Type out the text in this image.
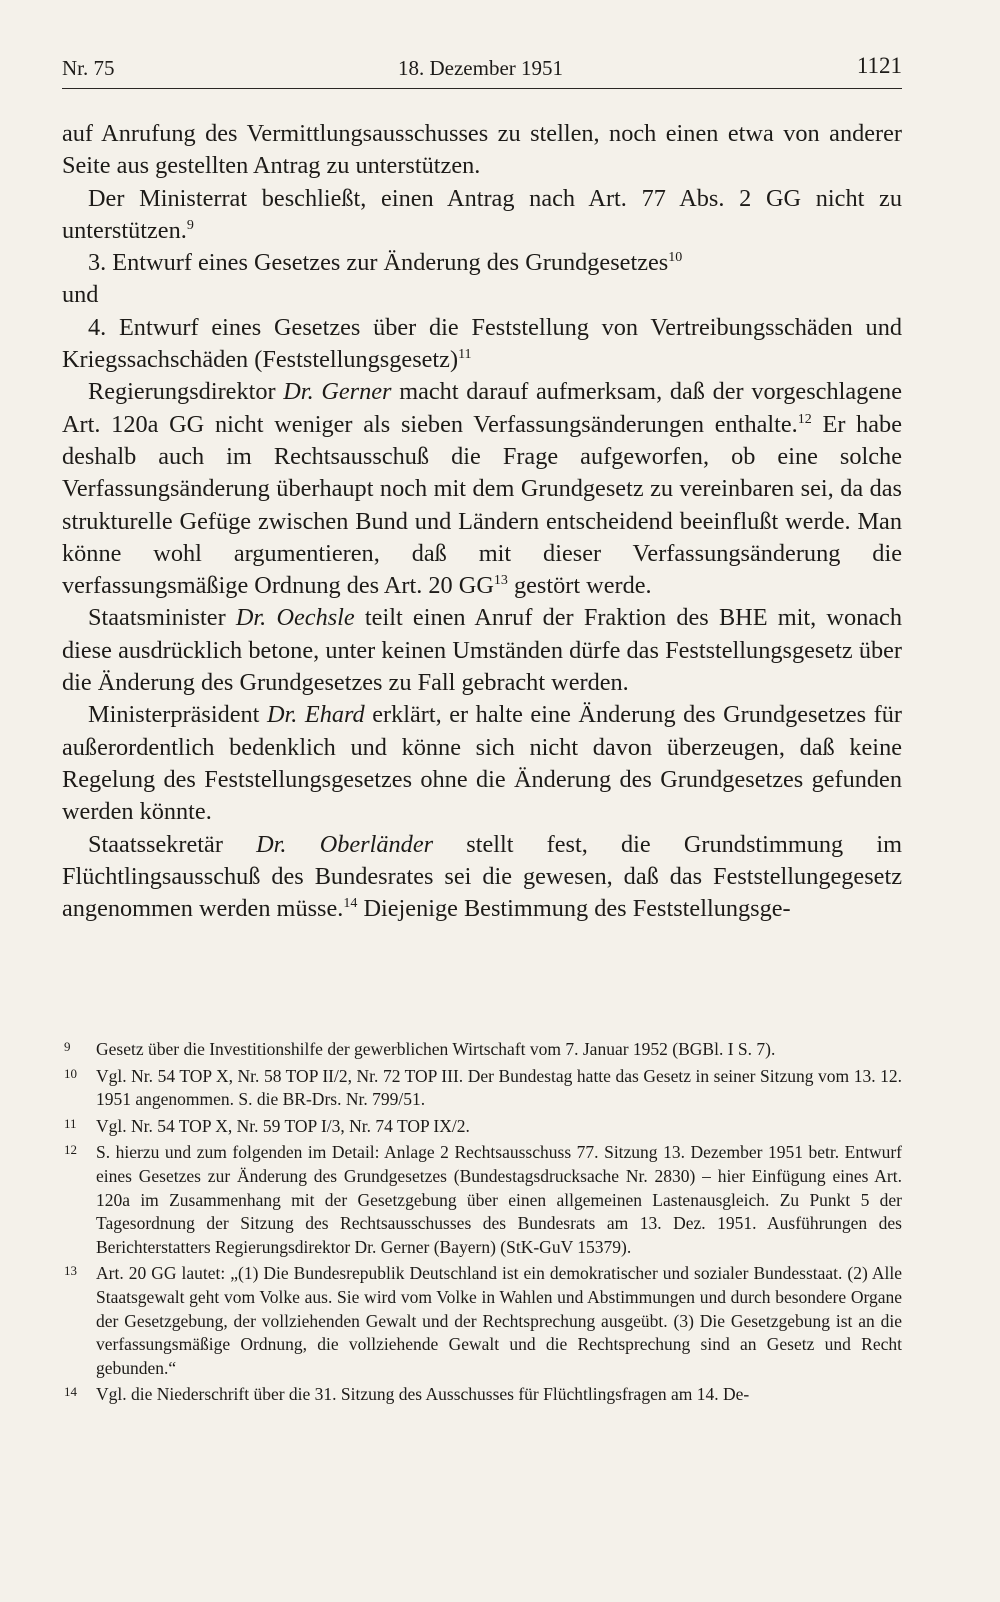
Nr. 75	18. Dezember 1951	1121

auf Anrufung des Vermittlungsausschusses zu stellen, noch einen etwa von anderer Seite aus gestellten Antrag zu unterstützen.

Der Ministerrat beschließt, einen Antrag nach Art. 77 Abs. 2 GG nicht zu unterstützen.$^9$

3. Entwurf eines Gesetzes zur Änderung des Grundgesetzes$^{10}$

und

4. Entwurf eines Gesetzes über die Feststellung von Vertreibungsschäden und Kriegssachschäden (Feststellungsgesetz)$^{11}$

Regierungsdirektor Dr. Gerner macht darauf aufmerksam, daß der vorgeschlagene Art. 120a GG nicht weniger als sieben Verfassungsänderungen enthalte.$^{12}$ Er habe deshalb auch im Rechtsausschuß die Frage aufgeworfen, ob eine solche Verfassungsänderung überhaupt noch mit dem Grundgesetz zu vereinbaren sei, da das strukturelle Gefüge zwischen Bund und Ländern entscheidend beeinflußt werde. Man könne wohl argumentieren, daß mit dieser Verfassungsänderung die verfassungsmäßige Ordnung des Art. 20 GG$^{13}$ gestört werde.

Staatsminister Dr. Oechsle teilt einen Anruf der Fraktion des BHE mit, wonach diese ausdrücklich betone, unter keinen Umständen dürfe das Feststellungsgesetz über die Änderung des Grundgesetzes zu Fall gebracht werden.

Ministerpräsident Dr. Ehard erklärt, er halte eine Änderung des Grundgesetzes für außerordentlich bedenklich und könne sich nicht davon überzeugen, daß keine Regelung des Feststellungsgesetzes ohne die Änderung des Grundgesetzes gefunden werden könnte.

Staatssekretär Dr. Oberländer stellt fest, die Grundstimmung im Flüchtlingsausschuß des Bundesrates sei die gewesen, daß das Feststellungegesetz angenommen werden müsse.$^{14}$ Diejenige Bestimmung des Feststellungsge-

9 Gesetz über die Investitionshilfe der gewerblichen Wirtschaft vom 7. Januar 1952 (BGBl. I S. 7).
10 Vgl. Nr. 54 TOP X, Nr. 58 TOP II/2, Nr. 72 TOP III. Der Bundestag hatte das Gesetz in seiner Sitzung vom 13. 12. 1951 angenommen. S. die BR-Drs. Nr. 799/51.
11 Vgl. Nr. 54 TOP X, Nr. 59 TOP I/3, Nr. 74 TOP IX/2.
12 S. hierzu und zum folgenden im Detail: Anlage 2 Rechtsausschuss 77. Sitzung 13. Dezember 1951 betr. Entwurf eines Gesetzes zur Änderung des Grundgesetzes (Bundestagsdrucksache Nr. 2830) – hier Einfügung eines Art. 120a im Zusammenhang mit der Gesetzgebung über einen allgemeinen Lastenausgleich. Zu Punkt 5 der Tagesordnung der Sitzung des Rechtsausschusses des Bundesrats am 13. Dez. 1951. Ausführungen des Berichterstatters Regierungsdirektor Dr. Gerner (Bayern) (StK-GuV 15379).
13 Art. 20 GG lautet: „(1) Die Bundesrepublik Deutschland ist ein demokratischer und sozialer Bundesstaat. (2) Alle Staatsgewalt geht vom Volke aus. Sie wird vom Volke in Wahlen und Abstimmungen und durch besondere Organe der Gesetzgebung, der vollziehenden Gewalt und der Rechtsprechung ausgeübt. (3) Die Gesetzgebung ist an die verfassungsmäßige Ordnung, die vollziehende Gewalt und die Rechtsprechung sind an Gesetz und Recht gebunden.“
14 Vgl. die Niederschrift über die 31. Sitzung des Ausschusses für Flüchtlingsfragen am 14. De-
